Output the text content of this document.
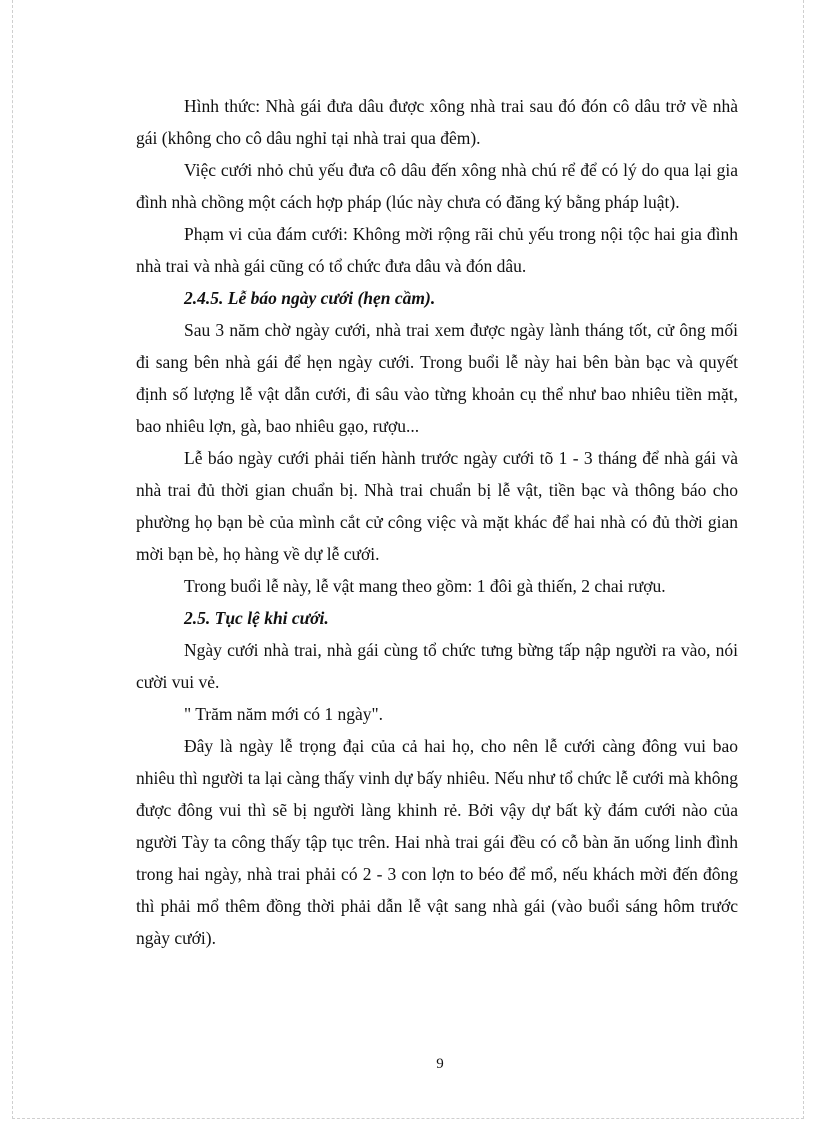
Hình thức: Nhà gái đưa dâu được xông nhà trai sau đó đón cô dâu trở về nhà gái (không cho cô dâu nghỉ tại nhà trai qua đêm).

Việc cưới nhỏ chủ yếu đưa cô dâu đến xông nhà chú rể để có lý do qua lại gia đình nhà chồng một cách hợp pháp (lúc này chưa có đăng ký bằng pháp luật).

Phạm vi của đám cưới: Không mời rộng rãi chủ yếu trong nội tộc hai gia đình nhà trai và nhà gái cũng có tổ chức đưa dâu và đón dâu.

2.4.5. Lễ báo ngày cưới (hẹn cầm).

Sau 3 năm chờ ngày cưới, nhà trai xem được ngày lành tháng tốt, cử ông mối đi sang bên nhà gái để hẹn ngày cưới. Trong buổi lễ này hai bên bàn bạc và quyết định số lượng lễ vật dẫn cưới, đi sâu vào từng khoản cụ thể như bao nhiêu tiền mặt, bao nhiêu lợn, gà, bao nhiêu gạo, rượu...

Lễ báo ngày cưới phải tiến hành trước ngày cưới tõ 1 - 3 tháng để nhà gái và nhà trai đủ thời gian chuẩn bị. Nhà trai chuẩn bị lễ vật, tiền bạc và thông báo cho phường họ bạn bè của mình cắt cử công việc và mặt khác để hai nhà có đủ thời gian mời bạn bè, họ hàng về dự lễ cưới.

Trong buổi lễ này, lễ vật mang theo gồm: 1 đôi gà thiến, 2 chai rượu.

2.5. Tục lệ khi cưới.

Ngày cưới nhà trai, nhà gái cùng tổ chức tưng bừng tấp nập người ra vào, nói cười vui vẻ.

" Trăm năm mới có 1 ngày".

Đây là ngày lễ trọng đại của cả hai họ, cho nên lễ cưới càng đông vui bao nhiêu thì người ta lại càng thấy vinh dự bấy nhiêu. Nếu như tổ chức lễ cưới mà không được đông vui thì sẽ bị người làng khinh rẻ. Bởi vậy dự bất kỳ đám cưới nào của người Tày ta công thấy tập tục trên. Hai nhà trai gái đều có cỗ bàn ăn uống linh đình trong hai ngày, nhà trai phải có 2 - 3 con lợn to béo để mổ, nếu khách mời đến đông thì phải mổ thêm đồng thời phải dẫn lễ vật sang nhà gái (vào buổi sáng hôm trước ngày cưới).

9
